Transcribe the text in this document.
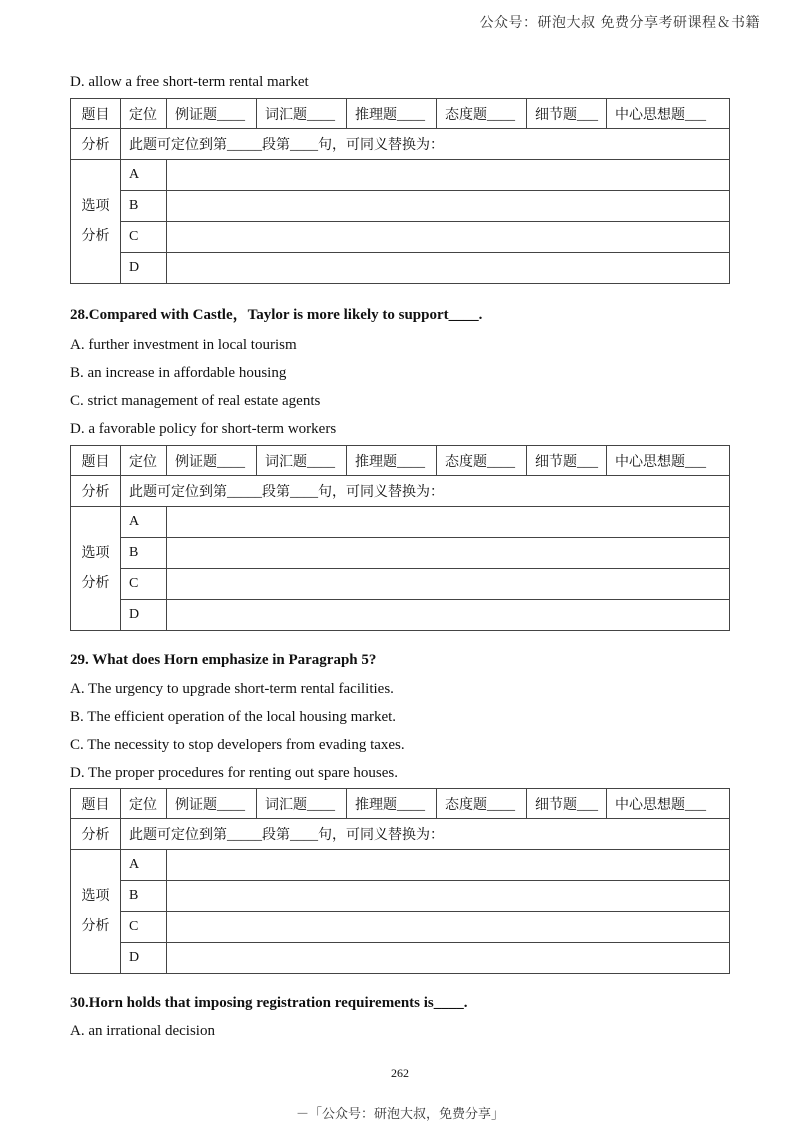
公众号：研泡大叔 免费分享考研课程＆书籍
D. allow a free short-term rental market
题目	定位	例证题____	词汇题____	推理题____	态度题____	细节题___	中心思想题___
分析	此题可定位到第_____段第____句，可同义替换为：						

选项
分析	A						
	B						
	C						
	D						
28.Compared with Castle，Taylor is more likely to support____.
A. further investment in local tourism
B. an increase in affordable housing
C. strict management of real estate agents
D. a favorable policy for short-term workers
题目	定位	例证题____	词汇题____	推理题____	态度题____	细节题___	中心思想题___
分析	此题可定位到第_____段第____句，可同义替换为：						

选项
分析	A						
	B						
	C						
	D						
29. What does Horn emphasize in Paragraph 5?
A. The urgency to upgrade short-term rental facilities.
B. The efficient operation of the local housing market.
C. The necessity to stop developers from evading taxes.
D. The proper procedures for renting out spare houses.
题目	定位	例证题____	词汇题____	推理题____	态度题____	细节题___	中心思想题___
分析	此题可定位到第_____段第____句，可同义替换为：						

选项
分析	A						
	B						
	C						
	D						
30.Horn holds that imposing registration requirements is____.
A. an irrational decision
262
－「公众号：研泡大叔，免费分享」
